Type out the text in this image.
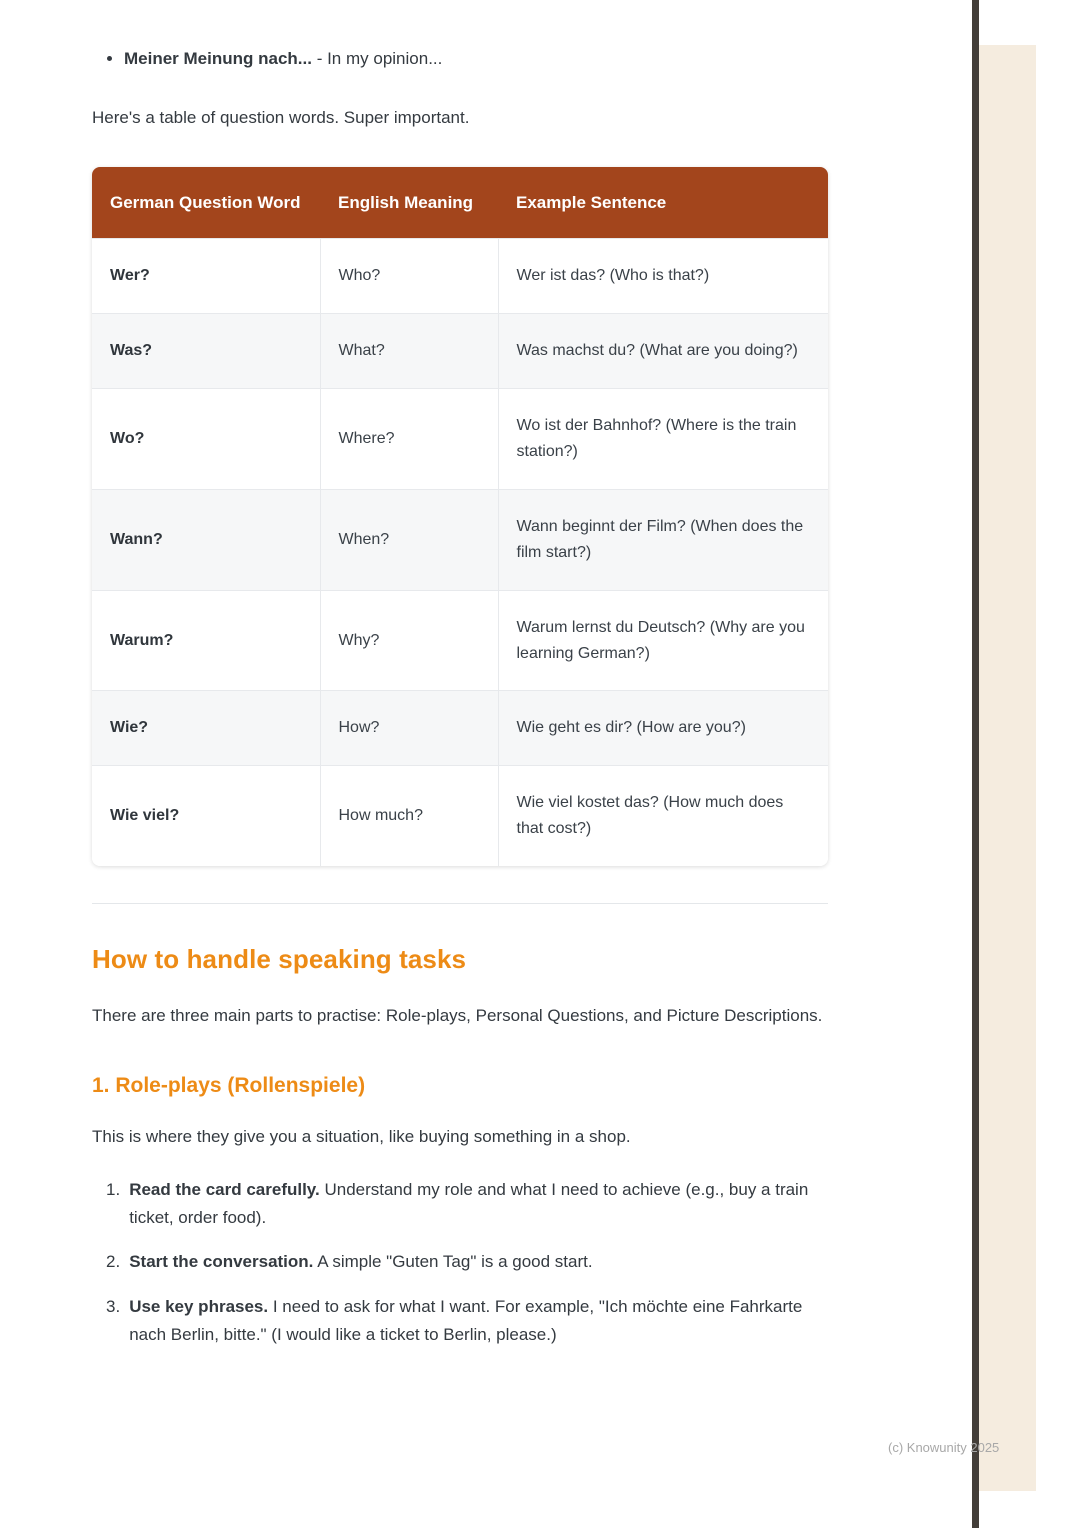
• Meiner Meinung nach... - In my opinion...

Here's a table of question words. Super important.

German Question Word	English Meaning	Example Sentence
Wer?	Who?	Wer ist das? (Who is that?)
Was?	What?	Was machst du? (What are you doing?)
Wo?	Where?	Wo ist der Bahnhof? (Where is the train station?)
Wann?	When?	Wann beginnt der Film? (When does the film start?)
Warum?	Why?	Warum lernst du Deutsch? (Why are you learning German?)
Wie?	How?	Wie geht es dir? (How are you?)
Wie viel?	How much?	Wie viel kostet das? (How much does that cost?)
How to handle speaking tasks

There are three main parts to practise: Role-plays, Personal Questions, and Picture Descriptions.

1. Role-plays (Rollenspiele)

This is where they give you a situation, like buying something in a shop.

1. Read the card carefully. Understand my role and what I need to achieve (e.g., buy a train ticket, order food).
2. Start the conversation. A simple "Guten Tag" is a good start.
3. Use key phrases. I need to ask for what I want. For example, "Ich möchte eine Fahrkarte nach Berlin, bitte." (I would like a ticket to Berlin, please.)
(c) Knowunity 2025
